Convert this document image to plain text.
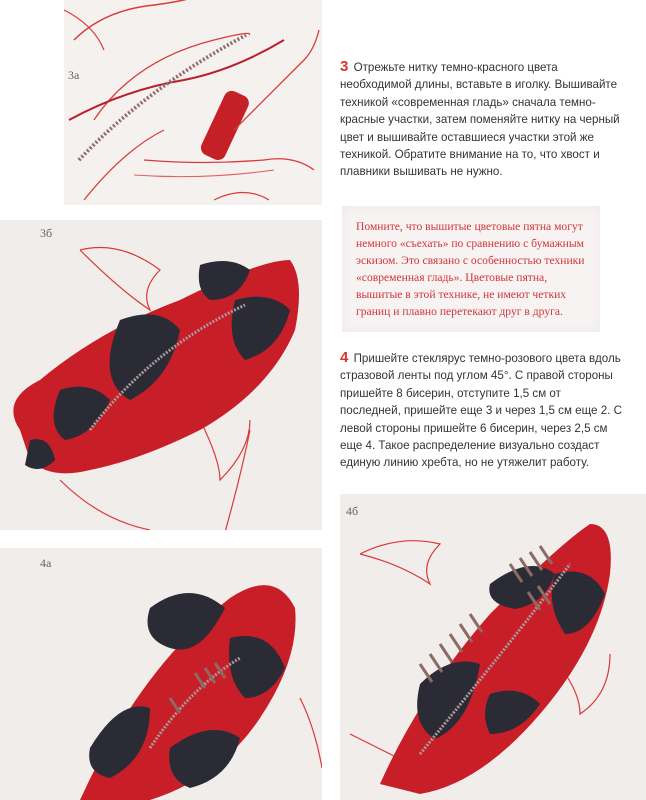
3а
3б
4а
4б
3 Отрежьте нитку темно-красного цвета необходимой длины, вставьте в иголку. Вышивайте техникой «современная гладь» сначала темно-красные участки, затем поменяйте нитку на черный цвет и вышивайте оставшиеся участки этой же техникой. Обратите внимание на то, что хвост и плавники вышивать не нужно.

Помните, что вышитые цветовые пятна могут немного «съехать» по сравнению с бумажным эскизом. Это связано с особенностью техники «современная гладь». Цветовые пятна, вышитые в этой технике, не имеют четких границ и плавно перетекают друг в друга.

4 Пришейте стеклярус темно-розового цвета вдоль стразовой ленты под углом 45°. С правой стороны пришейте 8 бисерин, отступите 1,5 см от последней, пришейте еще 3 и через 1,5 см еще 2. С левой стороны пришейте 6 бисерин, через 2,5 см еще 4. Такое распределение визуально создаст единую линию хребта, но не утяжелит работу.
